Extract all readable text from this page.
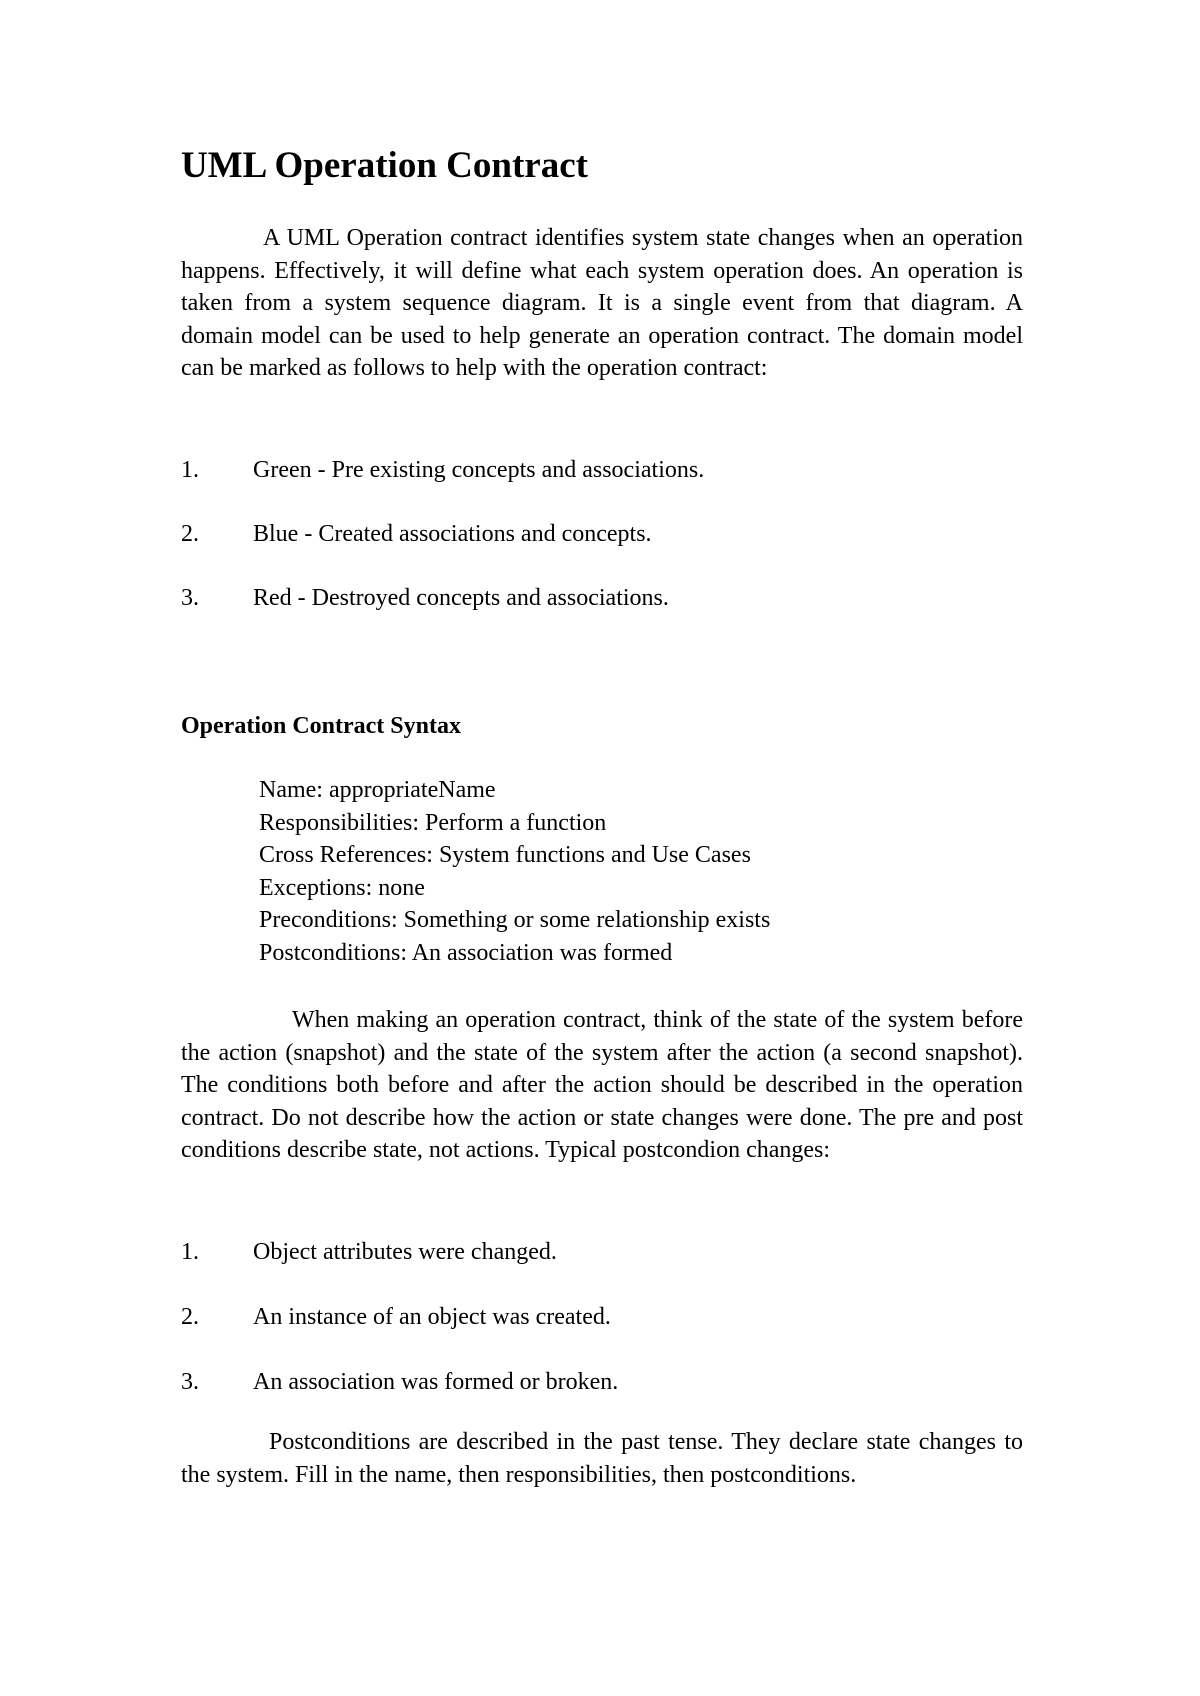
UML Operation Contract

A UML Operation contract identifies system state changes when an operation happens. Effectively, it will define what each system operation does. An operation is taken from a system sequence diagram. It is a single event from that diagram. A domain model can be used to help generate an operation contract. The domain model can be marked as follows to help with the operation contract:

1. Green - Pre existing concepts and associations.
2. Blue - Created associations and concepts.
3. Red - Destroyed concepts and associations.
Operation Contract Syntax
Name: appropriateName
Responsibilities: Perform a function
Cross References: System functions and Use Cases
Exceptions: none
Preconditions: Something or some relationship exists
Postconditions: An association was formed

When making an operation contract, think of the state of the system before the action (snapshot) and the state of the system after the action (a second snapshot). The conditions both before and after the action should be described in the operation contract. Do not describe how the action or state changes were done. The pre and post conditions describe state, not actions. Typical postcondion changes:

1. Object attributes were changed.
2. An instance of an object was created.
3. An association was formed or broken.

Postconditions are described in the past tense. They declare state changes to the system. Fill in the name, then responsibilities, then postconditions.
